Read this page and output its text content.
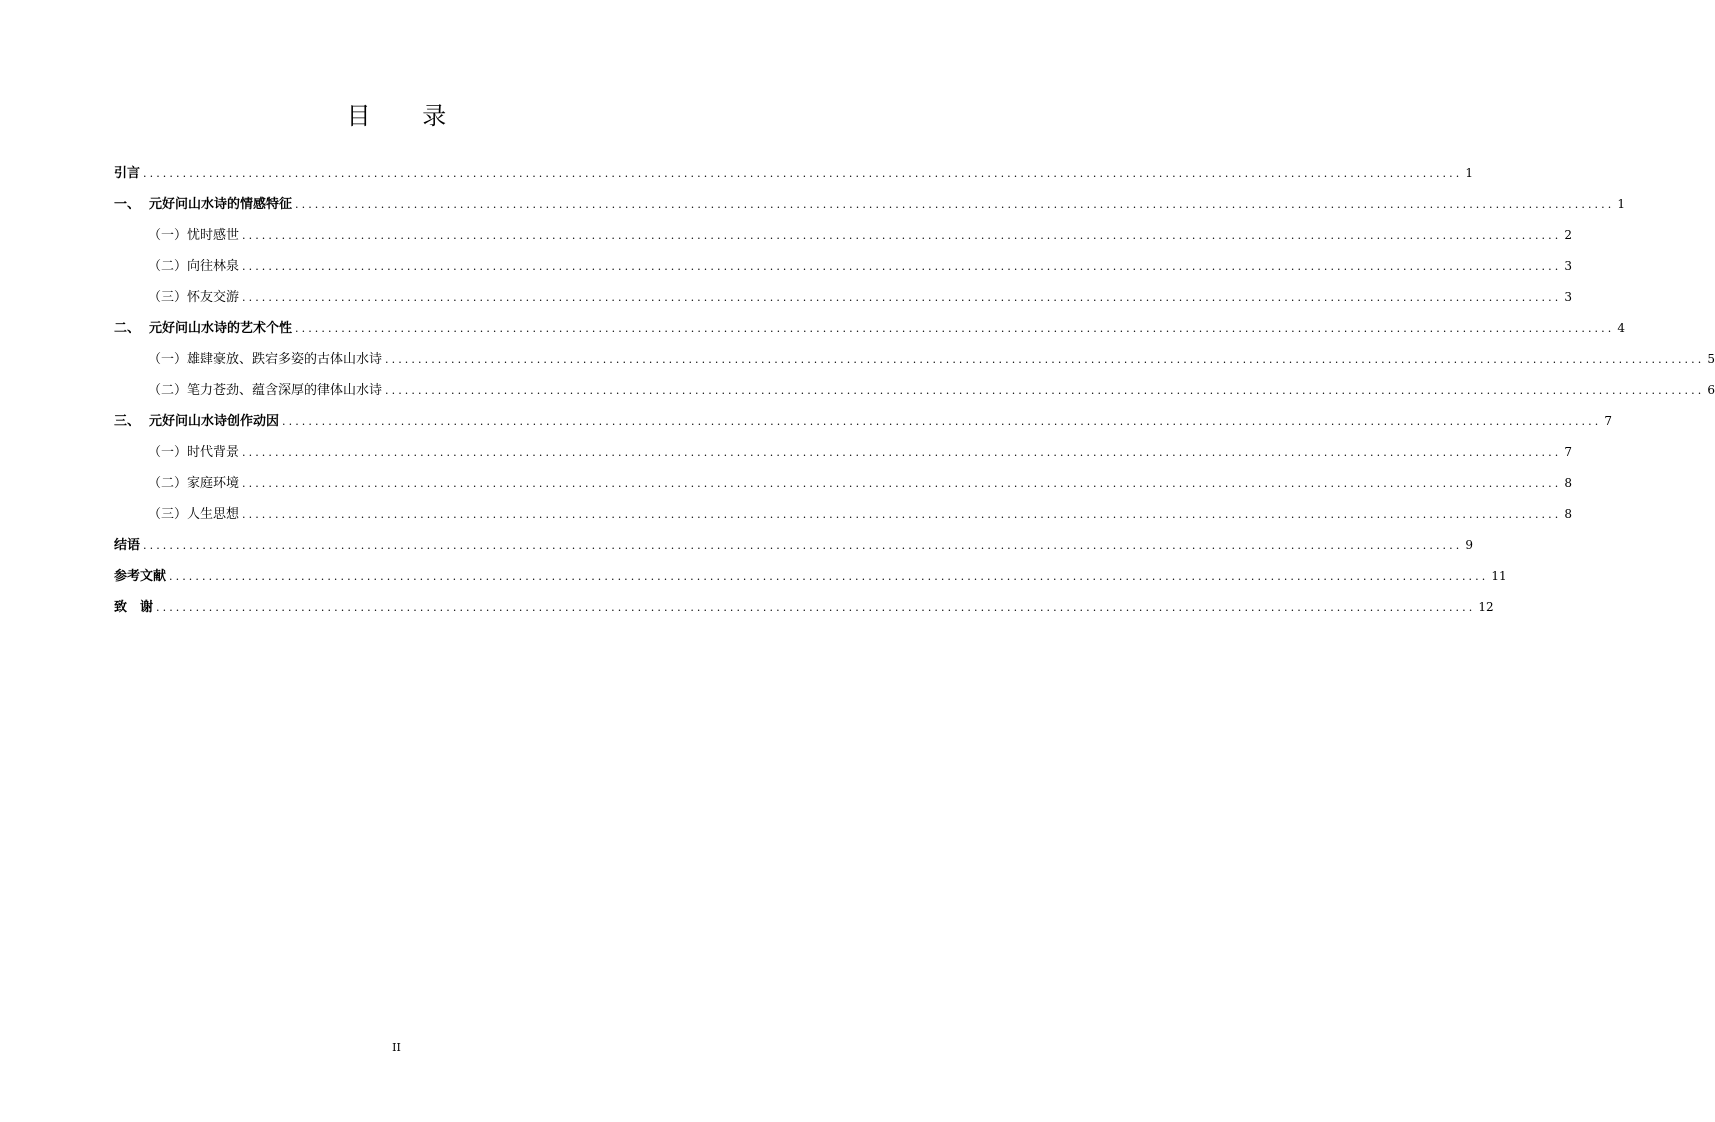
目 录
引言 ........................................................................................................................................................................................................ 1
一、 元好问山水诗的情感特征 ........................................................................................................................................................................................................ 1
（一）忧时感世 ........................................................................................................................................................................................................ 2
（二）向往林泉 ........................................................................................................................................................................................................ 3
（三）怀友交游 ........................................................................................................................................................................................................ 3
二、 元好问山水诗的艺术个性 ........................................................................................................................................................................................................ 4
（一）雄肆豪放、跌宕多姿的古体山水诗 ........................................................................................................................................................................................................ 5
（二）笔力苍劲、蕴含深厚的律体山水诗 ........................................................................................................................................................................................................ 6
三、 元好问山水诗创作动因 ........................................................................................................................................................................................................ 7
（一）时代背景 ........................................................................................................................................................................................................ 7
（二）家庭环境 ........................................................................................................................................................................................................ 8
（三）人生思想 ........................................................................................................................................................................................................ 8
结语 ........................................................................................................................................................................................................ 9
参考文献 ........................................................................................................................................................................................................ 11
致　谢 ........................................................................................................................................................................................................ 12
II
